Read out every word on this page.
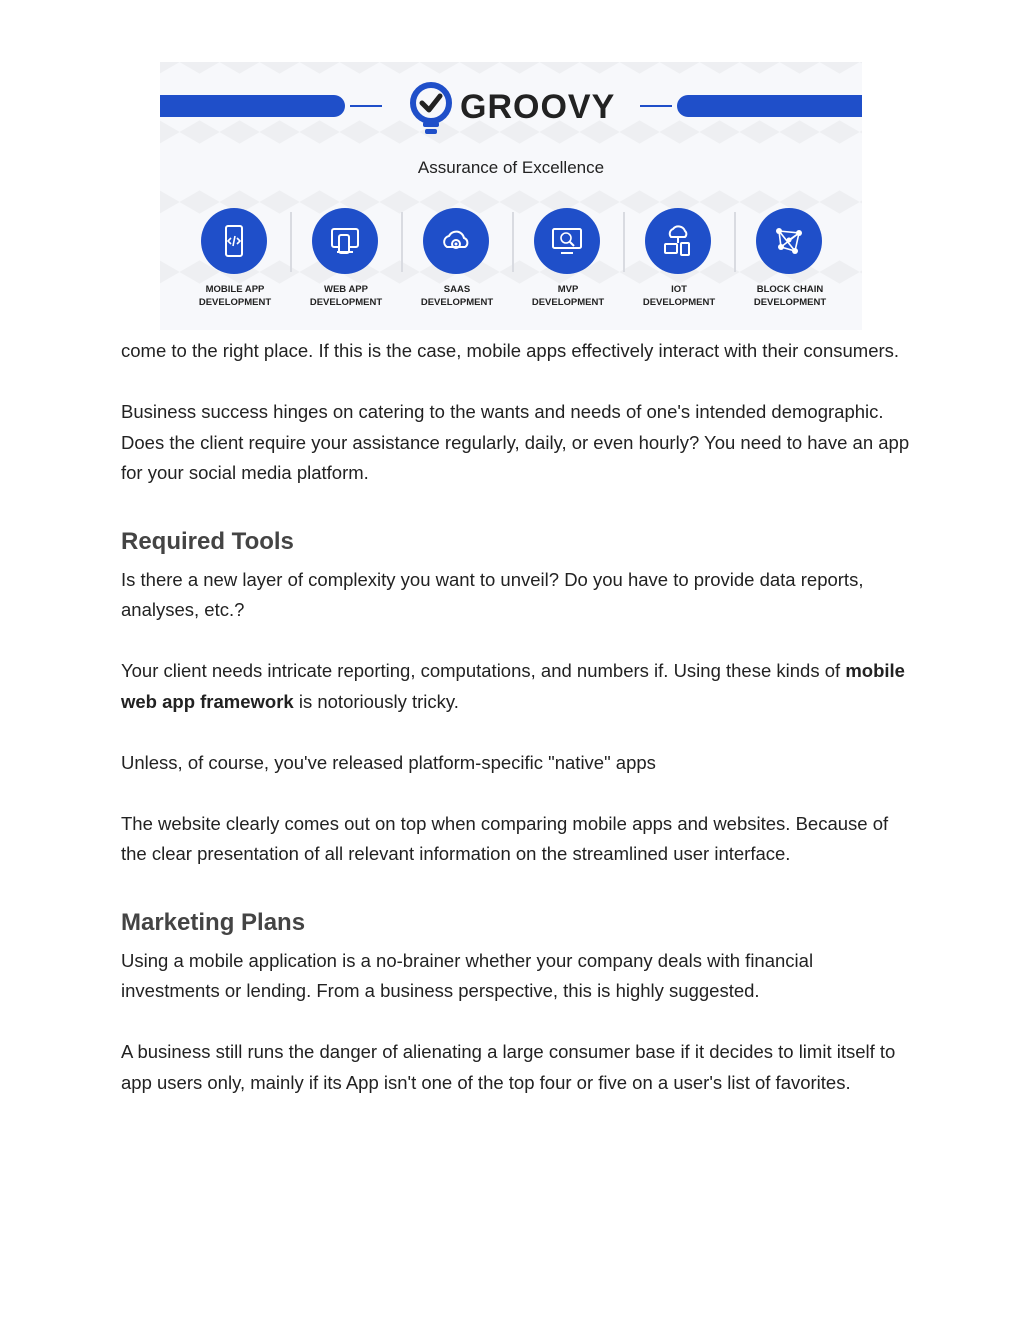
GROOVY
Assurance of Excellence
MOBILE APP
DEVELOPMENT
WEB APP
DEVELOPMENT
SAAS
DEVELOPMENT
MVP
DEVELOPMENT
IOT
DEVELOPMENT
BLOCK CHAIN
DEVELOPMENT

come to the right place. If this is the case, mobile apps effectively interact with their consumers.

Business success hinges on catering to the wants and needs of one's intended demographic. Does the client require your assistance regularly, daily, or even hourly? You need to have an app for your social media platform.

Required Tools

Is there a new layer of complexity you want to unveil? Do you have to provide data reports, analyses, etc.?

Your client needs intricate reporting, computations, and numbers if. Using these kinds of mobile web app framework is notoriously tricky.

Unless, of course, you've released platform-specific "native" apps

The website clearly comes out on top when comparing mobile apps and websites. Because of the clear presentation of all relevant information on the streamlined user interface.

Marketing Plans

Using a mobile application is a no-brainer whether your company deals with financial investments or lending. From a business perspective, this is highly suggested.

A business still runs the danger of alienating a large consumer base if it decides to limit itself to app users only, mainly if its App isn't one of the top four or five on a user's list of favorites.
